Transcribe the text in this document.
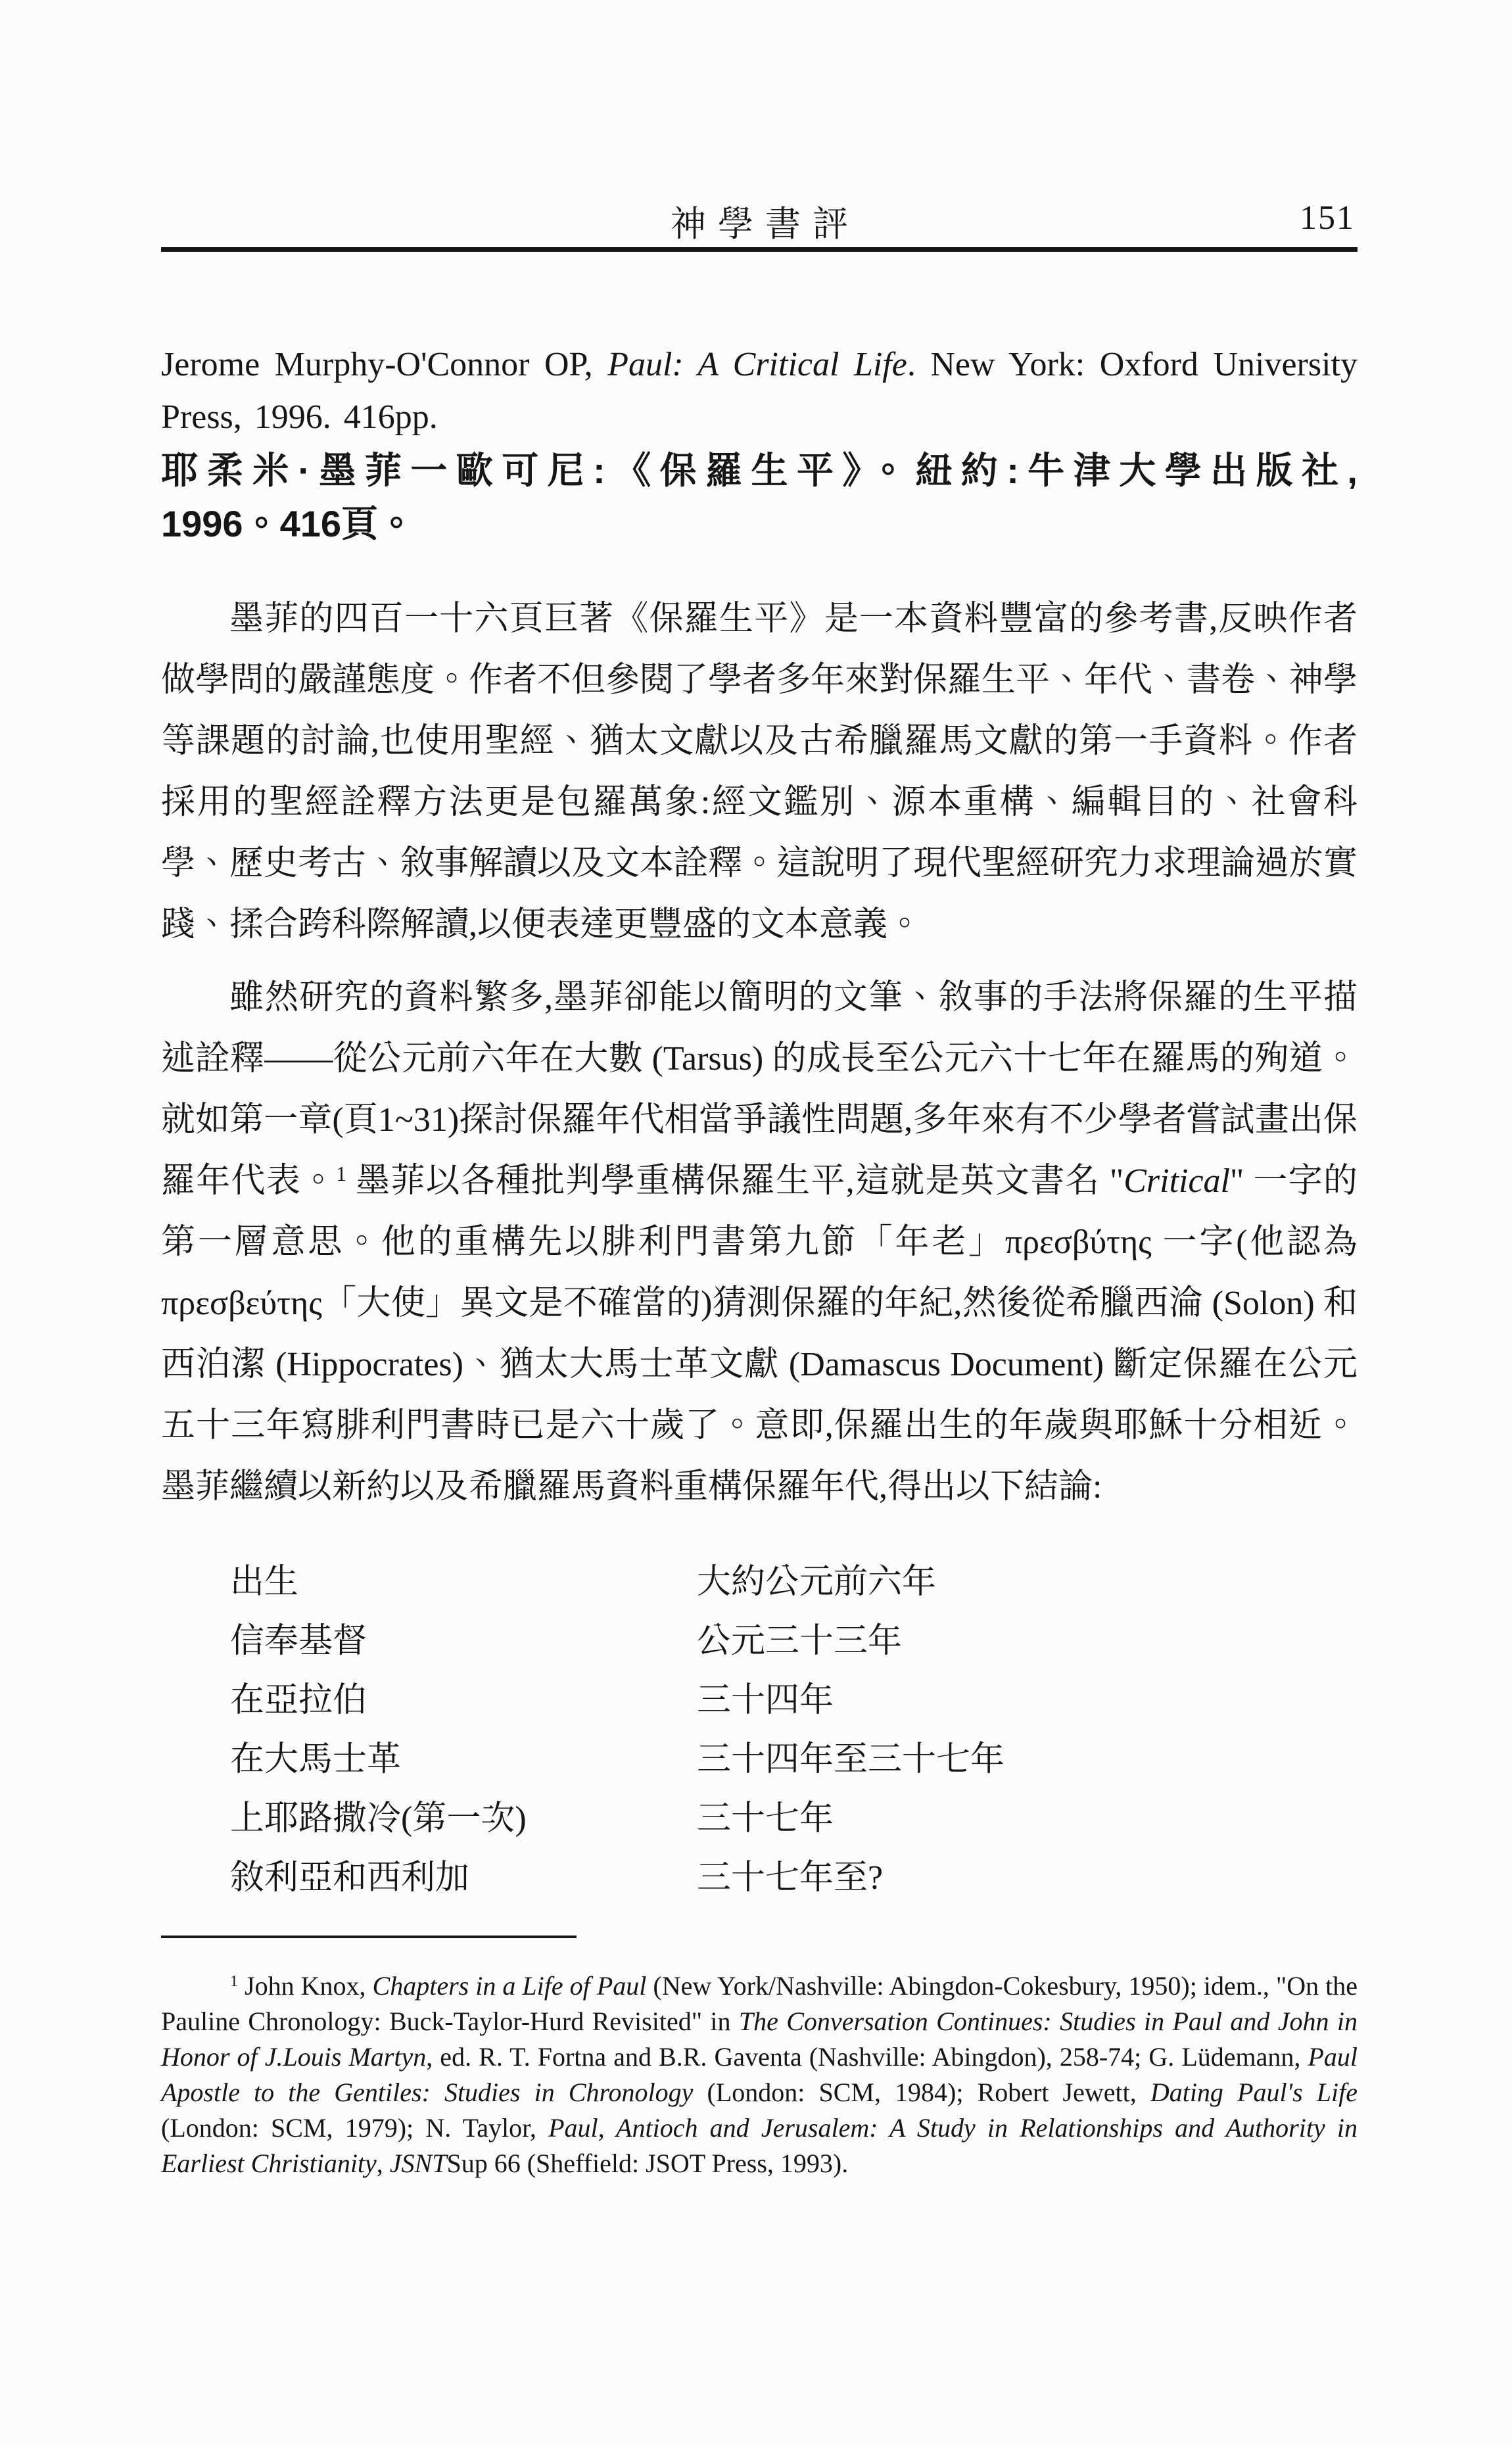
神學書評	151

Jerome Murphy-O'Connor OP, Paul: A Critical Life. New York: Oxford University Press, 1996. 416pp.

耶柔米·墨菲一歐可尼:《保羅生平》。紐約:牛津大學出版社,

1996。416頁。

墨菲的四百一十六頁巨著《保羅生平》是一本資料豐富的參考書,反映作者做學問的嚴謹態度。作者不但參閱了學者多年來對保羅生平、年代、書卷、神學等課題的討論,也使用聖經、猶太文獻以及古希臘羅馬文獻的第一手資料。作者採用的聖經詮釋方法更是包羅萬象:經文鑑別、源本重構、編輯目的、社會科學、歷史考古、敘事解讀以及文本詮釋。這說明了現代聖經研究力求理論過於實踐、揉合跨科際解讀,以便表達更豐盛的文本意義。

雖然研究的資料繁多,墨菲卻能以簡明的文筆、敘事的手法將保羅的生平描述詮釋——從公元前六年在大數 (Tarsus) 的成長至公元六十七年在羅馬的殉道。就如第一章(頁1~31)探討保羅年代相當爭議性問題,多年來有不少學者嘗試畫出保羅年代表。$^1$ 墨菲以各種批判學重構保羅生平,這就是英文書名 "Critical" 一字的第一層意思。他的重構先以腓利門書第九節「年老」πρεσβύτης 一字(他認為 πρεσβεύτης「大使」異文是不確當的)猜測保羅的年紀,然後從希臘西淪 (Solon) 和西泊潔 (Hippocrates)、猶太大馬士革文獻 (Damascus Document) 斷定保羅在公元五十三年寫腓利門書時已是六十歲了。意即,保羅出生的年歲與耶穌十分相近。墨菲繼續以新約以及希臘羅馬資料重構保羅年代,得出以下結論:

出生	大約公元前六年
信奉基督	公元三十三年
在亞拉伯	三十四年
在大馬士革	三十四年至三十七年
上耶路撒冷(第一次)	三十七年
敘利亞和西利加	三十七年至?

$^1$ John Knox, Chapters in a Life of Paul (New York/Nashville: Abingdon-Cokesbury, 1950); idem., "On the Pauline Chronology: Buck-Taylor-Hurd Revisited" in The Conversation Continues: Studies in Paul and John in Honor of J.Louis Martyn, ed. R. T. Fortna and B.R. Gaventa (Nashville: Abingdon), 258-74; G. Lüdemann, Paul Apostle to the Gentiles: Studies in Chronology (London: SCM, 1984); Robert Jewett, Dating Paul's Life (London: SCM, 1979); N. Taylor, Paul, Antioch and Jerusalem: A Study in Relationships and Authority in Earliest Christianity, JSNTSup 66 (Sheffield: JSOT Press, 1993).
